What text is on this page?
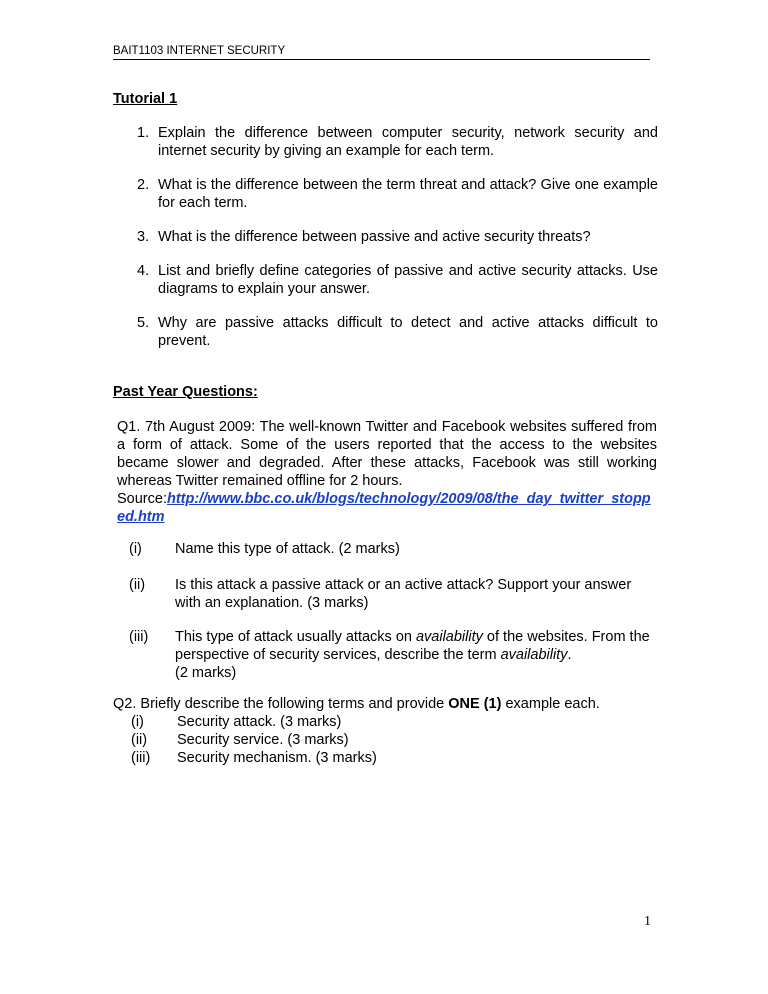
BAIT1103 INTERNET SECURITY
Tutorial 1
1. Explain the difference between computer security, network security and internet security by giving an example for each term.
2. What is the difference between the term threat and attack? Give one example for each term.
3. What is the difference between passive and active security threats?
4. List and briefly define categories of passive and active security attacks. Use diagrams to explain your answer.
5. Why are passive attacks difficult to detect and active attacks difficult to prevent.
Past Year Questions:
Q1. 7th August 2009: The well-known Twitter and Facebook websites suffered from a form of attack. Some of the users reported that the access to the websites became slower and degraded. After these attacks, Facebook was still working whereas Twitter remained offline for 2 hours.
Source:http://www.bbc.co.uk/blogs/technology/2009/08/the_day_twitter_stopped.htm
(i) Name this type of attack. (2 marks)
(ii) Is this attack a passive attack or an active attack? Support your answer with an explanation. (3 marks)
(iii) This type of attack usually attacks on availability of the websites. From the perspective of security services, describe the term availability.
(2 marks)
Q2. Briefly describe the following terms and provide ONE (1) example each.
(i) Security attack. (3 marks)
(ii) Security service. (3 marks)
(iii) Security mechanism. (3 marks)
1
